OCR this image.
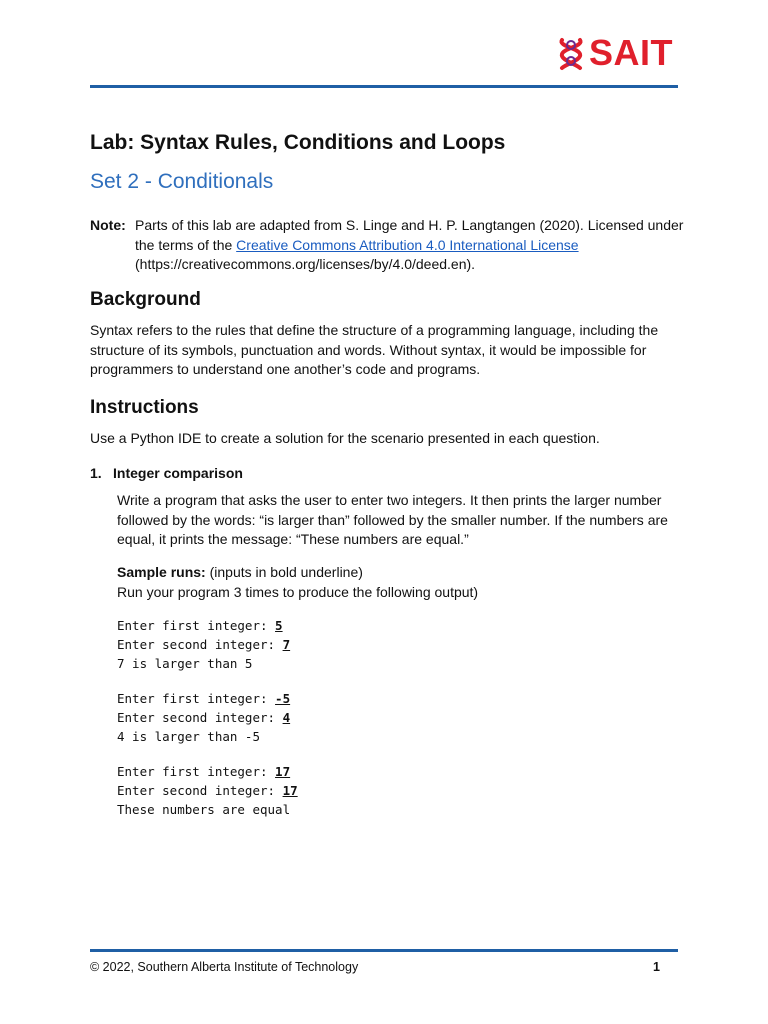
SAIT
Lab: Syntax Rules, Conditions and Loops
Set 2 - Conditionals
Note: Parts of this lab are adapted from S. Linge and H. P. Langtangen (2020). Licensed under the terms of the Creative Commons Attribution 4.0 International License (https://creativecommons.org/licenses/by/4.0/deed.en).
Background

Syntax refers to the rules that define the structure of a programming language, including the structure of its symbols, punctuation and words. Without syntax, it would be impossible for programmers to understand one another’s code and programs.

Instructions

Use a Python IDE to create a solution for the scenario presented in each question.

1. Integer comparison

Write a program that asks the user to enter two integers. It then prints the larger number followed by the words: “is larger than” followed by the smaller number. If the numbers are equal, it prints the message: “These numbers are equal.”

Sample runs: (inputs in bold underline)
Run your program 3 times to produce the following output)
Enter first integer: 5
Enter second integer: 7
7 is larger than 5
Enter first integer: -5
Enter second integer: 4
4 is larger than -5
Enter first integer: 17
Enter second integer: 17
These numbers are equal
© 2022, Southern Alberta Institute of Technology	1
